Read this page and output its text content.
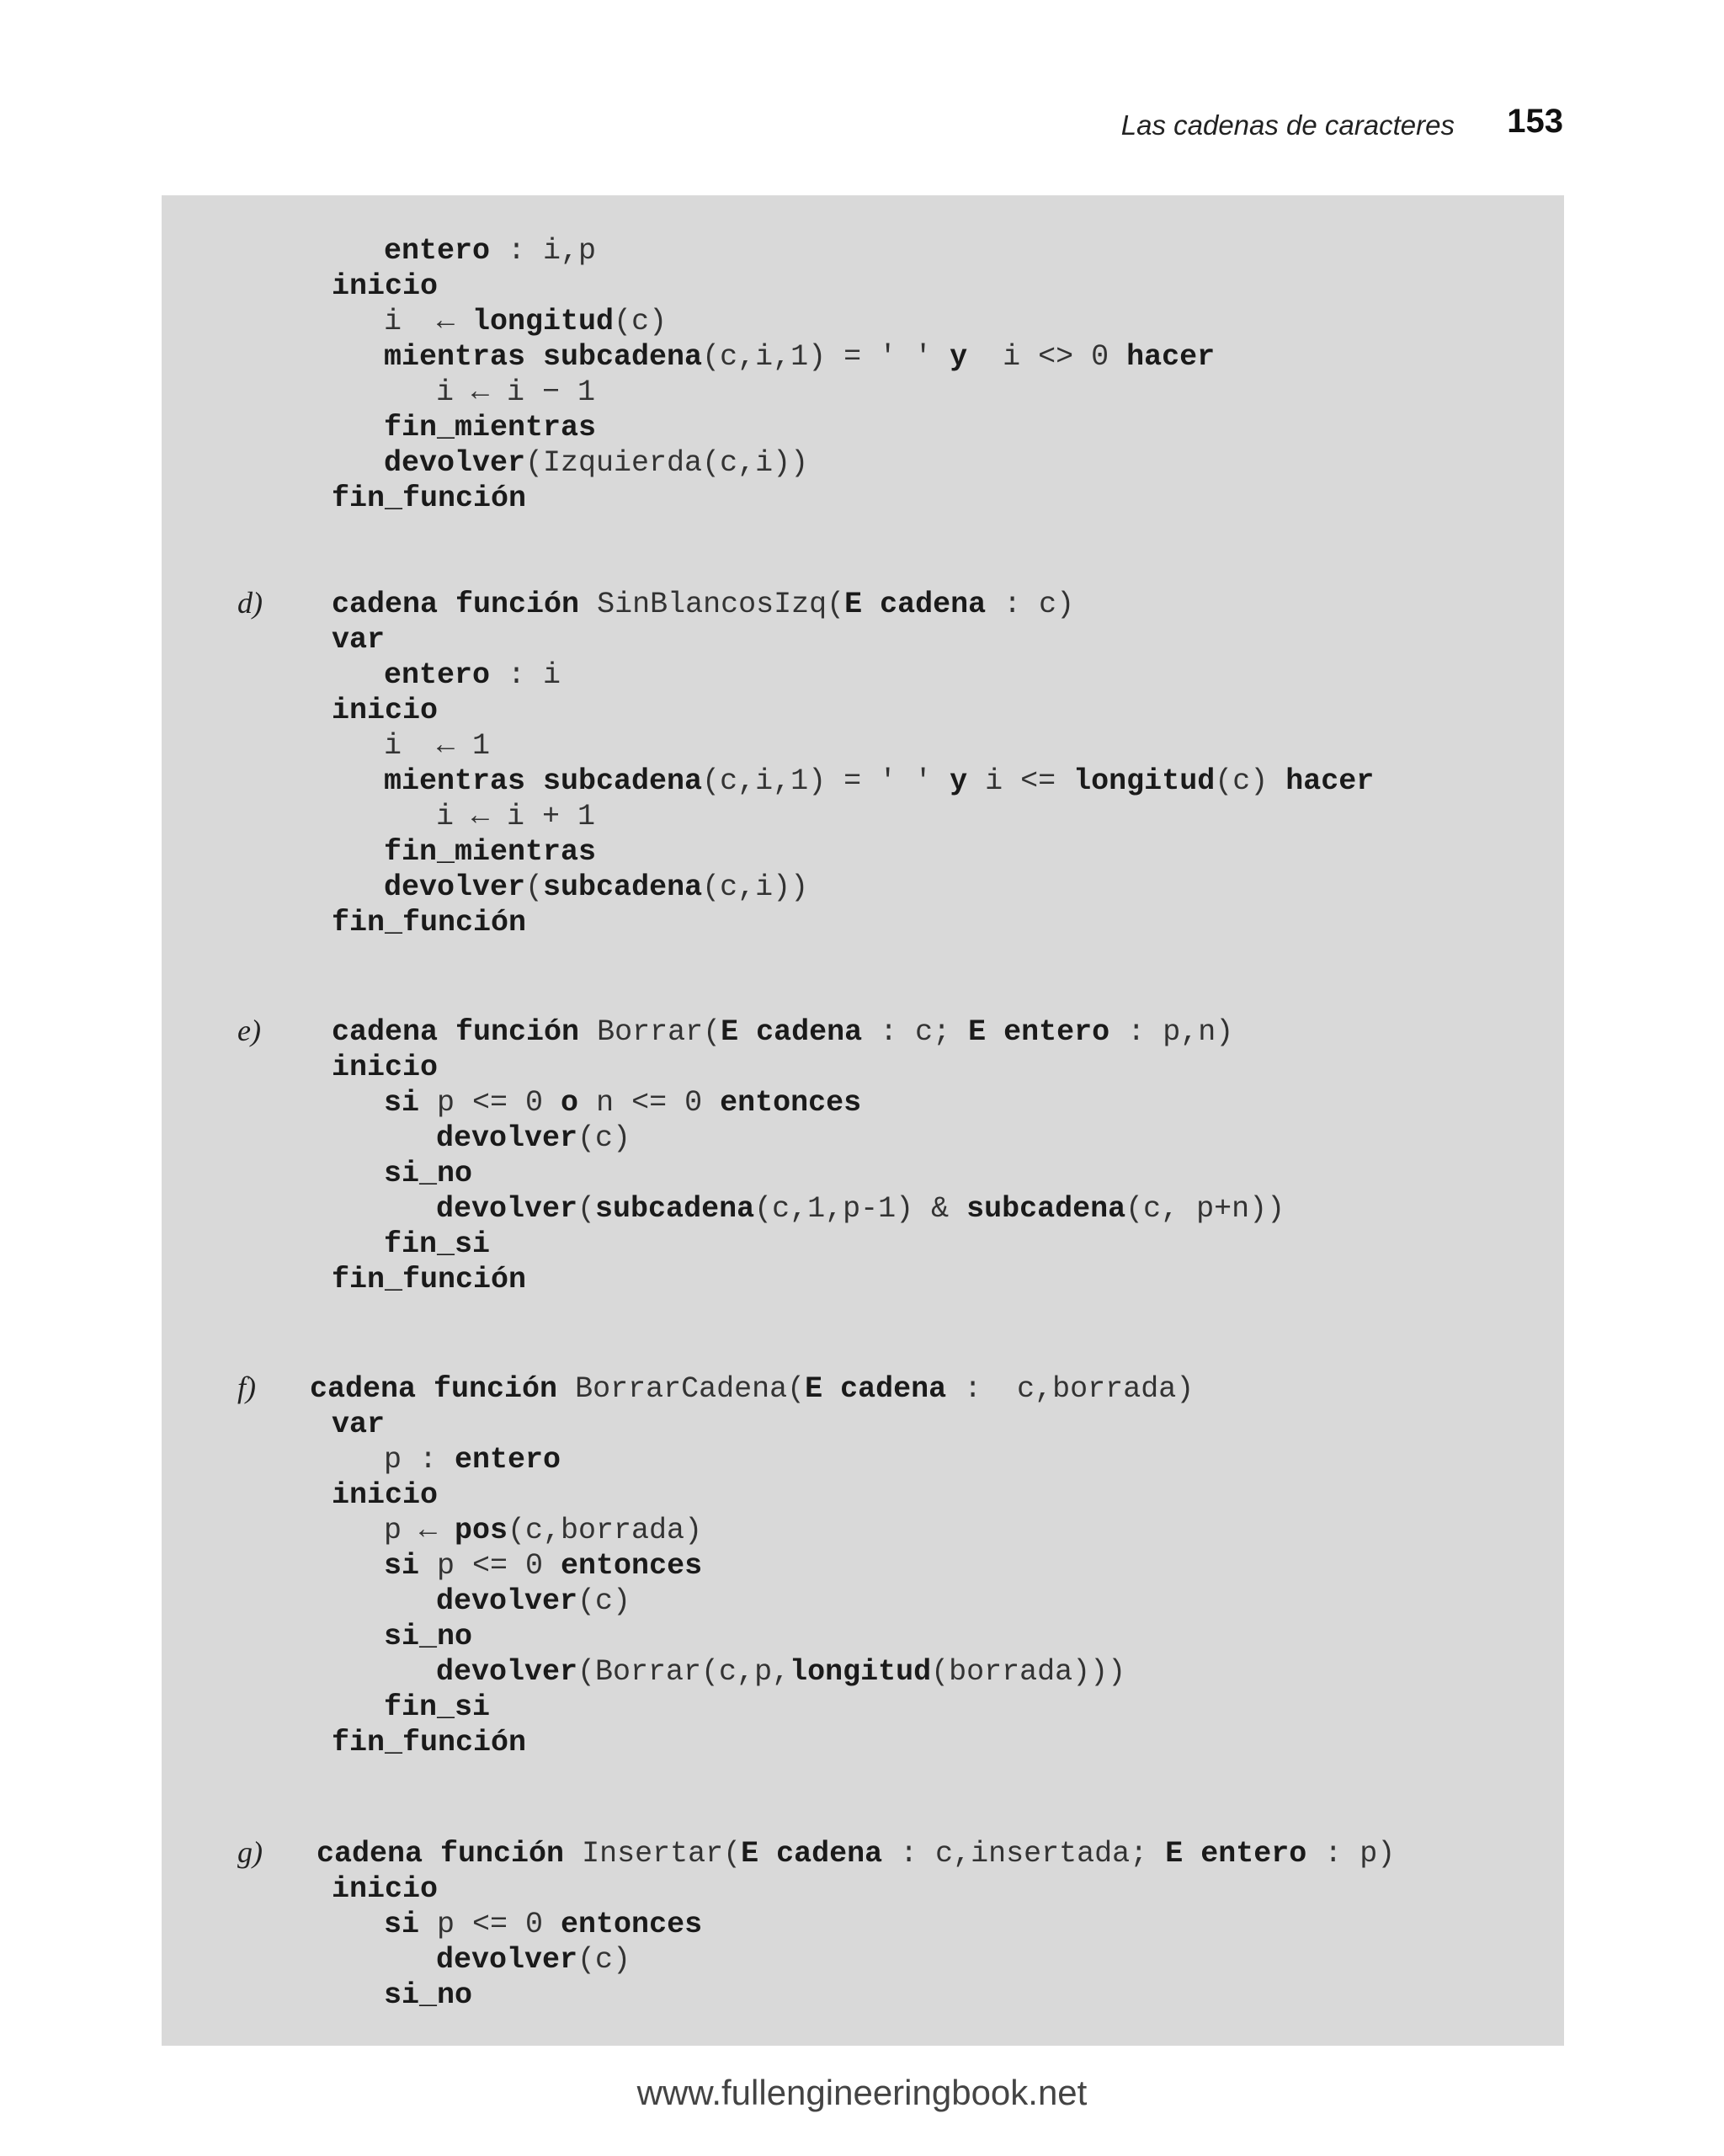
Las cadenas de caracteres 153
d)
e)
f)
g)
entero : i,p
inicio
i  ← longitud(c)
mientras subcadena(c,i,1) = ' ' y  i <> 0 hacer
i ← i − 1
fin_mientras
devolver(Izquierda(c,i))
fin_función
cadena función SinBlancosIzq(E cadena : c)
var
entero : i
inicio
i  ← 1
mientras subcadena(c,i,1) = ' ' y i <= longitud(c) hacer
i ← i + 1
fin_mientras
devolver(subcadena(c,i))
fin_función
cadena función Borrar(E cadena : c; E entero : p,n)
inicio
si p <= 0 o n <= 0 entonces
devolver(c)
si_no
devolver(subcadena(c,1,p-1) & subcadena(c, p+n))
fin_si
fin_función
cadena función BorrarCadena(E cadena :  c,borrada)
var
p : entero
inicio
p ← pos(c,borrada)
si p <= 0 entonces
devolver(c)
si_no
devolver(Borrar(c,p,longitud(borrada)))
fin_si
fin_función
cadena función Insertar(E cadena : c,insertada; E entero : p)
inicio
si p <= 0 entonces
devolver(c)
si_no
www.fullengineeringbook.net
